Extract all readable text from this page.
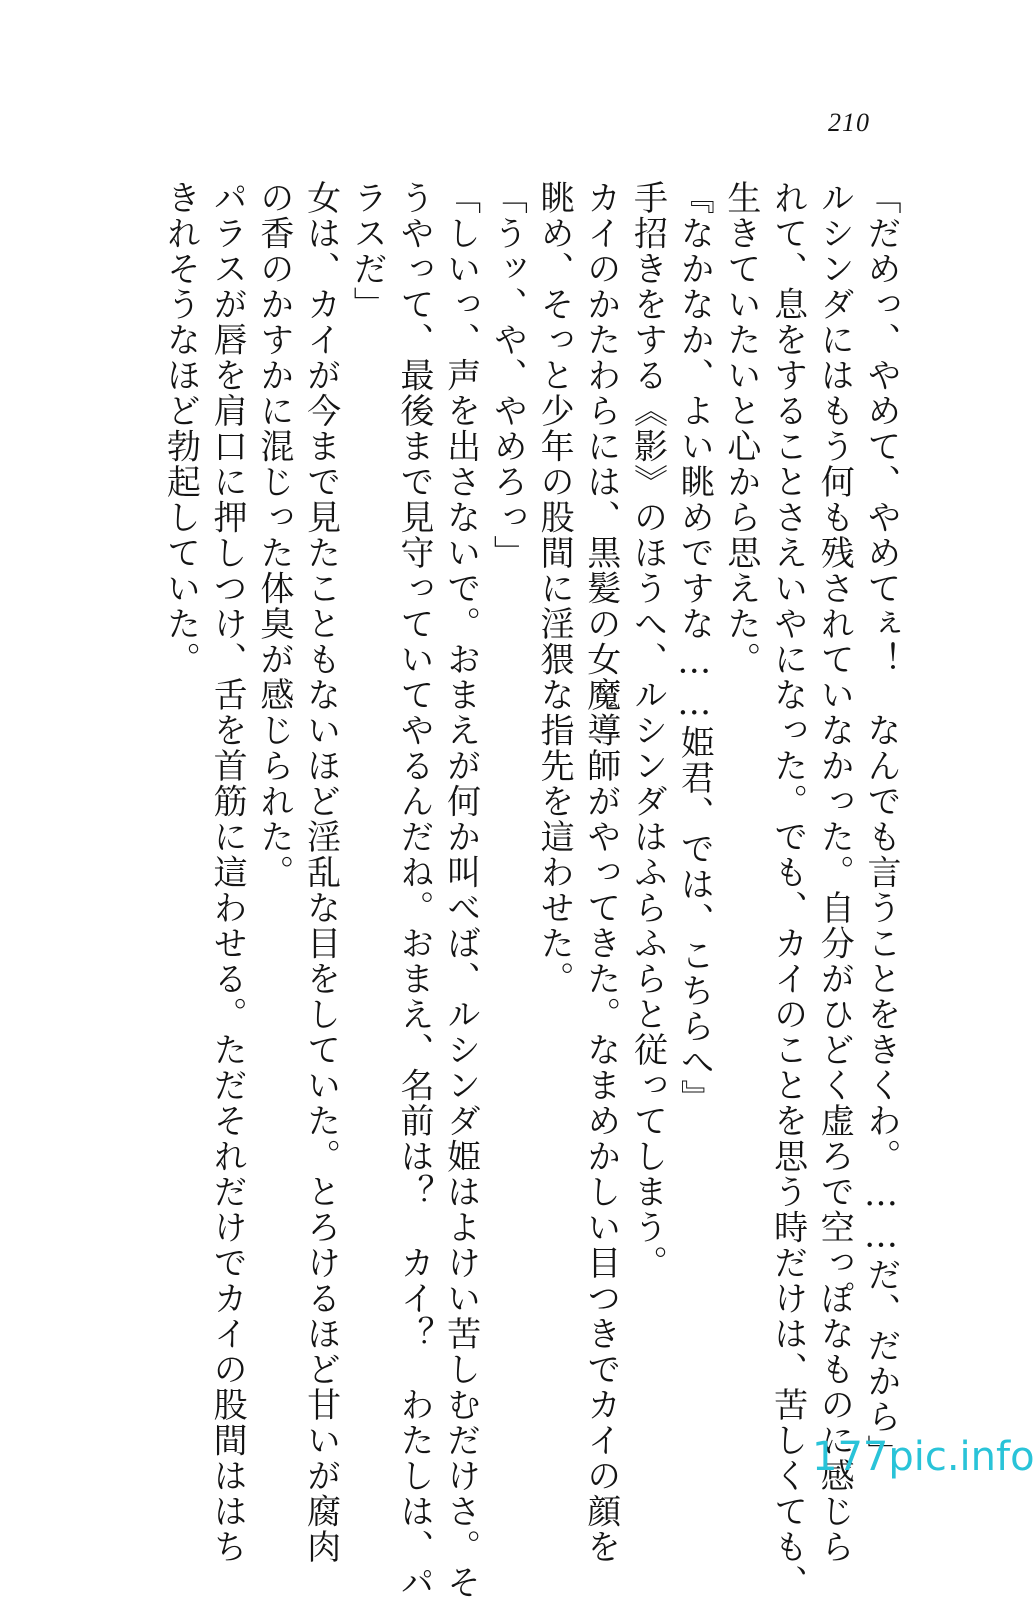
210
「だめっ、やめて、やめてぇ！　なんでも言うことをきくわ。……だ、だから」
ルシンダにはもう何も残されていなかった。自分がひどく虚ろで空っぽなものに感じら
れて、息をすることさえいやになった。でも、カイのことを思う時だけは、苦しくても、
生きていたいと心から思えた。
『なかなか、よい眺めですな……姫君、では、こちらへ』
手招きをする《影》のほうへ、ルシンダはふらふらと従ってしまう。
カイのかたわらには、黒髪の女魔導師がやってきた。なまめかしい目つきでカイの顔を
眺め、そっと少年の股間に淫猥な指先を這わせた。
「うッ、や、やめろっ」
「しいっ、声を出さないで。おまえが何か叫べば、ルシンダ姫はよけい苦しむだけさ。そ
うやって、最後まで見守っていてやるんだね。おまえ、名前は？　カイ？　わたしは、パ
ラスだ」
女は、カイが今まで見たこともないほど淫乱な目をしていた。とろけるほど甘いが腐肉
の香のかすかに混じった体臭が感じられた。
パラスが唇を肩口に押しつけ、舌を首筋に這わせる。ただそれだけでカイの股間ははち
きれそうなほど勃起していた。
177pic.info
